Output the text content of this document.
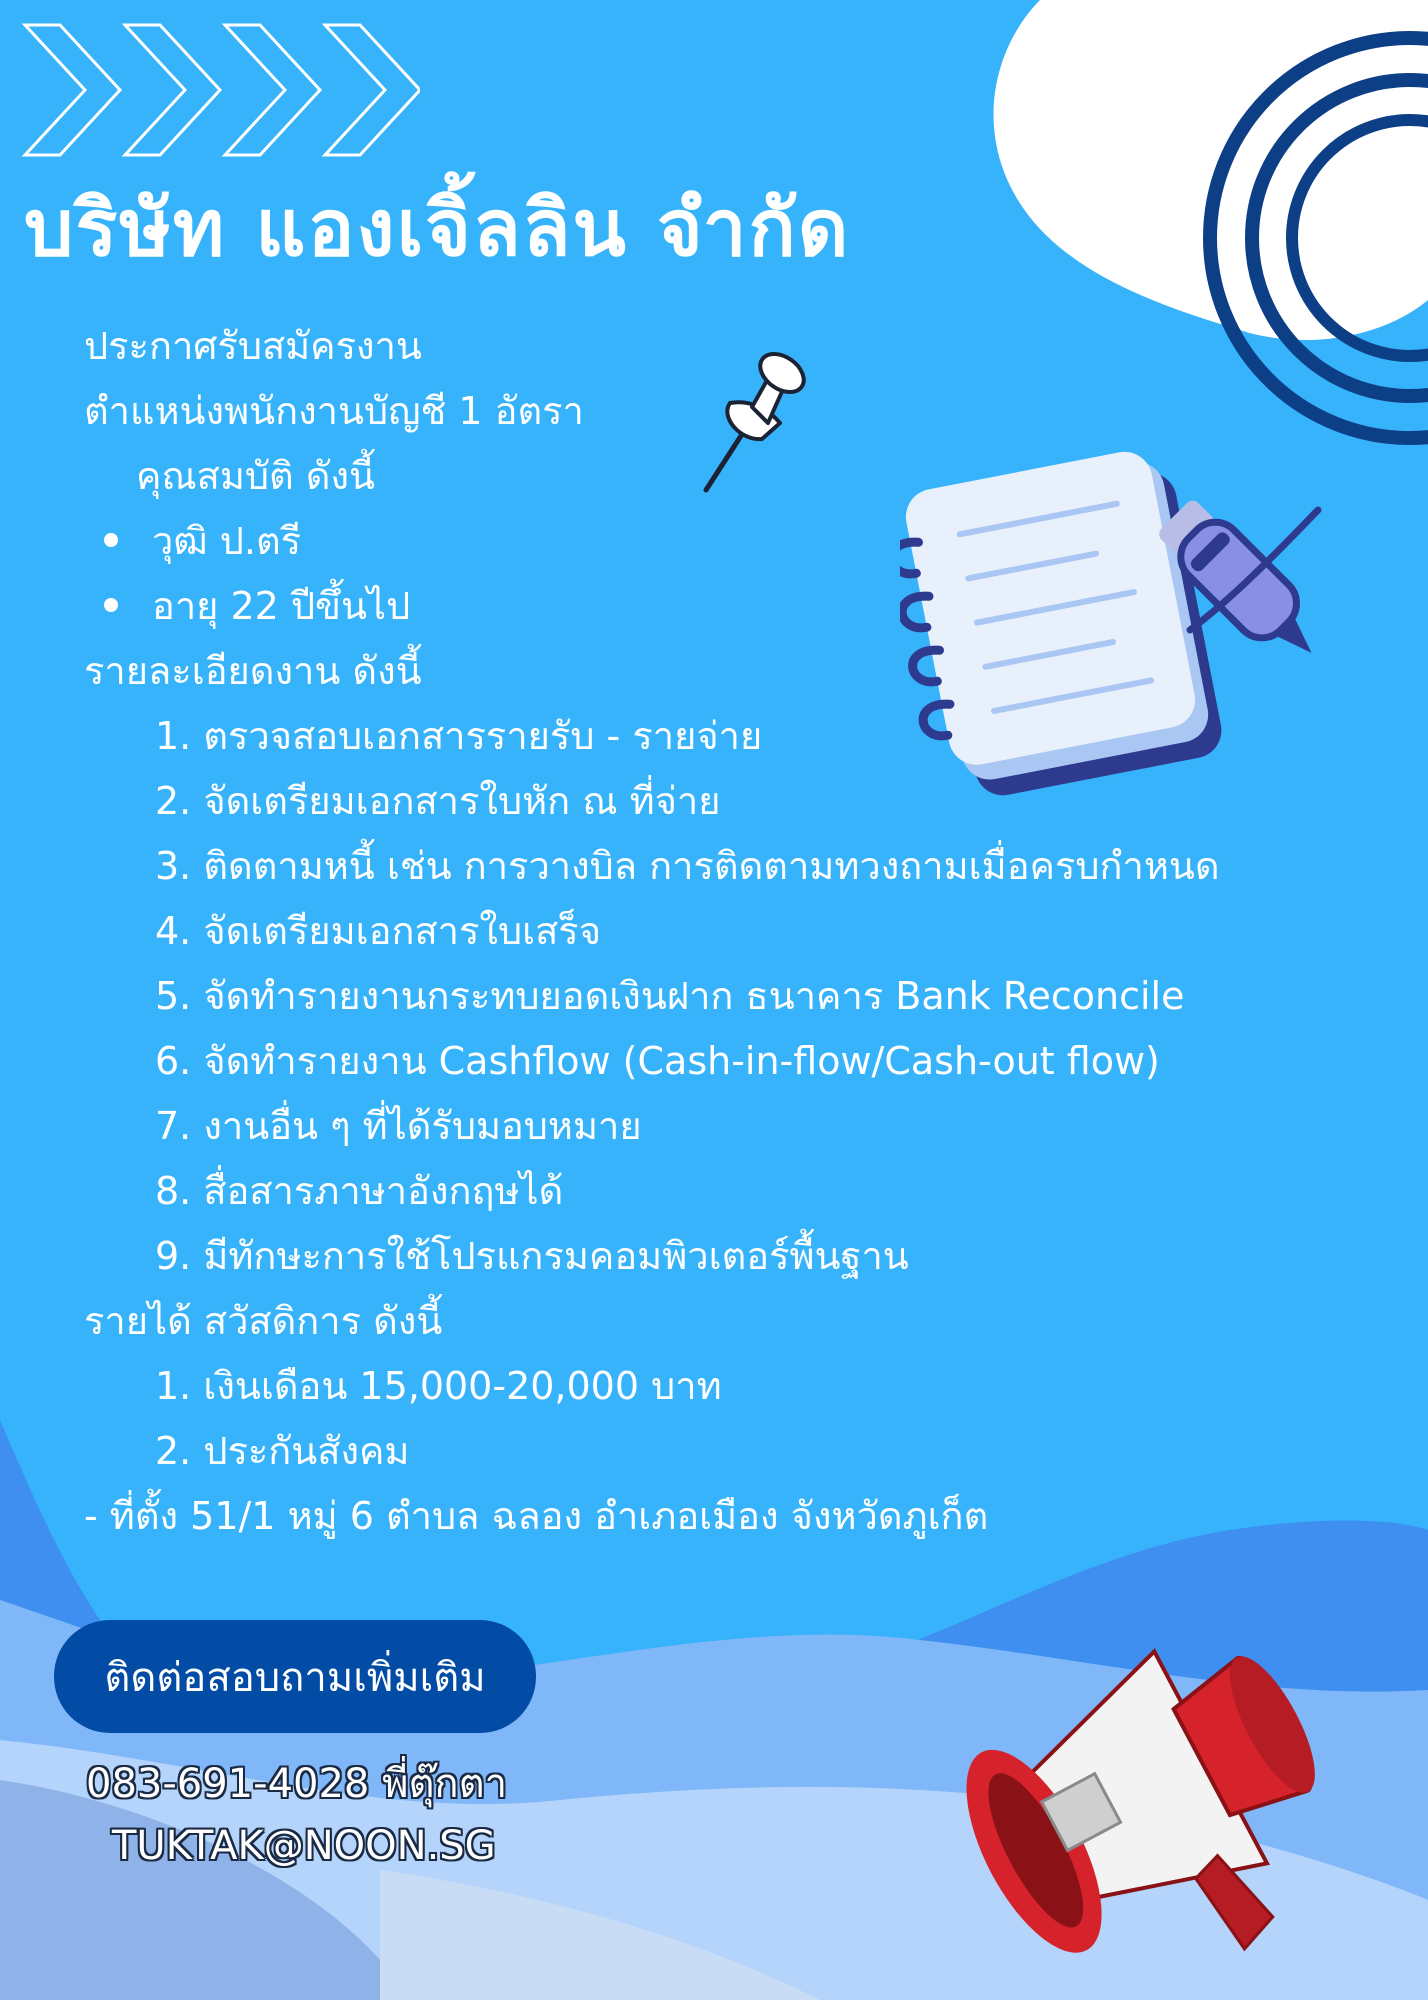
บริษัท แองเจิ้ลลิน จำกัด
ประกาศรับสมัครงาน
ตำแหน่งพนักงานบัญชี 1 อัตรา
คุณสมบัติ ดังนี้
วุฒิ ป.ตรี
อายุ 22 ปีขึ้นไป
รายละเอียดงาน ดังนี้
1. ตรวจสอบเอกสารรายรับ - รายจ่าย
2. จัดเตรียมเอกสารใบหัก ณ ที่จ่าย
3. ติดตามหนี้ เช่น การวางบิล การติดตามทวงถามเมื่อครบกำหนด
4. จัดเตรียมเอกสารใบเสร็จ
5. จัดทำรายงานกระทบยอดเงินฝาก ธนาคาร Bank Reconcile
6. จัดทำรายงาน Cashflow (Cash-in-flow/Cash-out flow)
7. งานอื่น ๆ ที่ได้รับมอบหมาย
8. สื่อสารภาษาอังกฤษได้
9. มีทักษะการใช้โปรแกรมคอมพิวเตอร์พื้นฐาน
รายได้ สวัสดิการ ดังนี้
1. เงินเดือน 15,000-20,000 บาท
2. ประกันสังคม
- ที่ตั้ง 51/1 หมู่ 6 ตำบล ฉลอง อำเภอเมือง จังหวัดภูเก็ต
ติดต่อสอบถามเพิ่มเติม
083-691-4028 พี่ตุ๊กตา
TUKTAK@NOON.SG
